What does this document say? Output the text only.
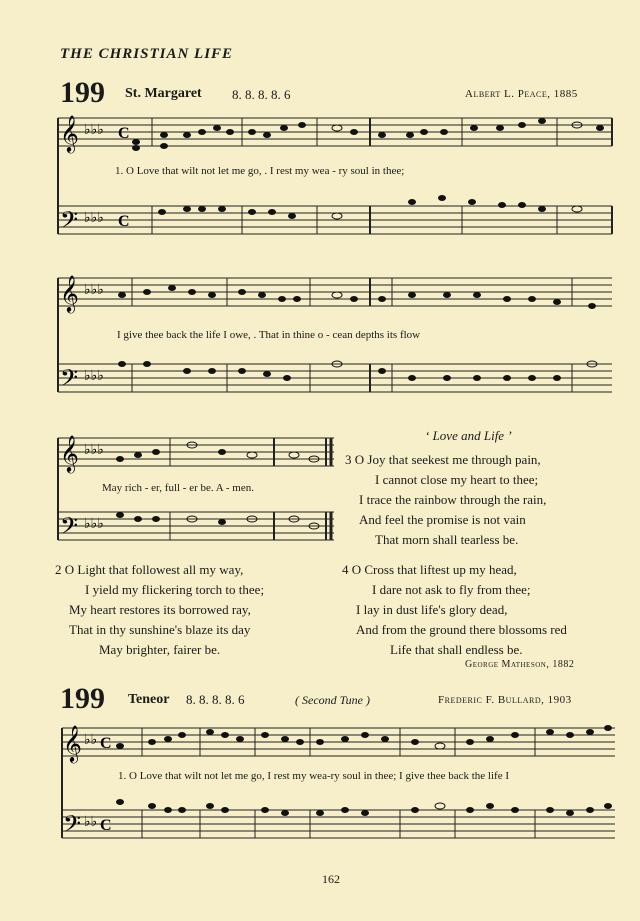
THE CHRISTIAN LIFE
199 St. Margaret 8. 8. 8. 8. 6	Albert L. Peace, 1885
𝄞
𝄢
♭♭♭
♭♭♭
C
C
1. O Love that wilt not let me go, . I rest my wea - ry soul in thee;
𝄞
𝄢
♭♭♭
♭♭♭
I give thee back the life I owe, . That in thine o - cean depths its flow
𝄞
𝄢
♭♭♭
♭♭♭
May rich - er, full - er be. A - men.
‘ Love and Life ’
3 O Joy that seekest me through pain,
I cannot close my heart to thee;
I trace the rainbow through the rain,
And feel the promise is not vain
That morn shall tearless be.
2 O Light that followest all my way,
I yield my flickering torch to thee;
My heart restores its borrowed ray,
That in thy sunshine's blaze its day
May brighter, fairer be.
4 O Cross that liftest up my head,
I dare not ask to fly from thee;
I lay in dust life's glory dead,
And from the ground there blossoms red
Life that shall endless be.
George Matheson, 1882
199 Teneor 8. 8. 8. 8. 6	( Second Tune )	Frederic F. Bullard, 1903
𝄞
𝄢
♭♭
♭♭
C
C
1. O Love that wilt not let me go, I rest my wea-ry soul in thee; I give thee back the life I
162
